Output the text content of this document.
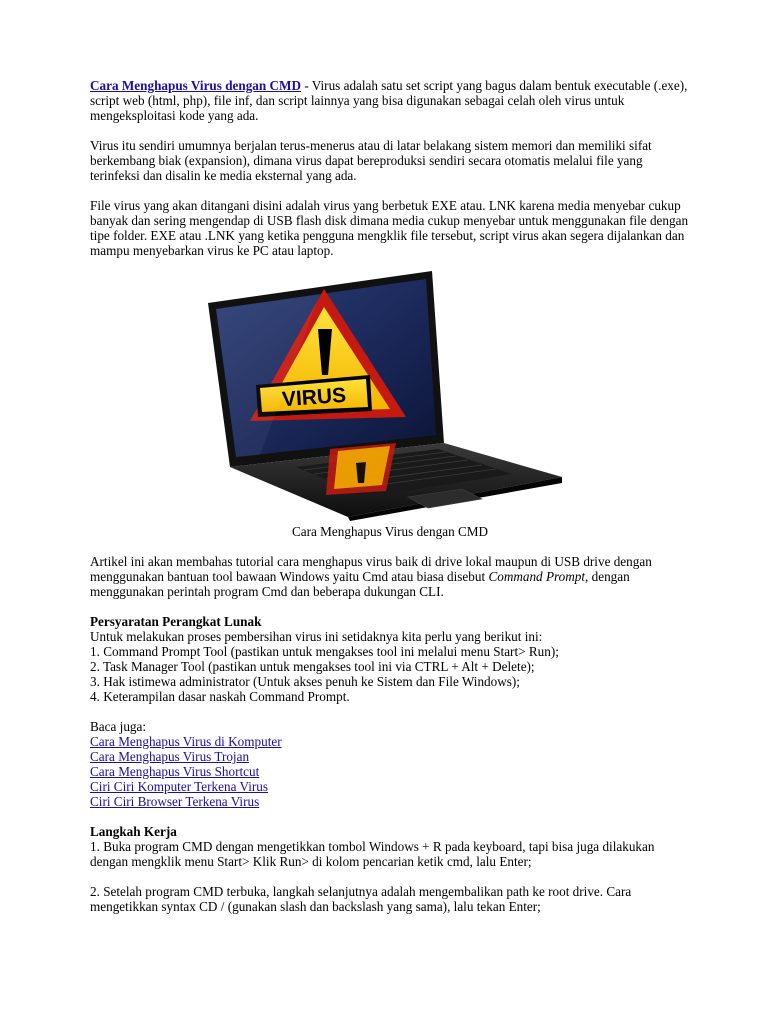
Cara Menghapus Virus dengan CMD - Virus adalah satu set script yang bagus dalam bentuk executable (.exe), script web (html, php), file inf, dan script lainnya yang bisa digunakan sebagai celah oleh virus untuk mengeksploitasi kode yang ada.

Virus itu sendiri umumnya berjalan terus-menerus atau di latar belakang sistem memori dan memiliki sifat berkembang biak (expansion), dimana virus dapat bereproduksi sendiri secara otomatis melalui file yang terinfeksi dan disalin ke media eksternal yang ada.

File virus yang akan ditangani disini adalah virus yang berbetuk EXE atau. LNK karena media menyebar cukup banyak dan sering mengendap di USB flash disk dimana media cukup menyebar untuk menggunakan file dengan tipe folder. EXE atau .LNK yang ketika pengguna mengklik file tersebut, script virus akan segera dijalankan dan mampu menyebarkan virus ke PC atau laptop.

VIRUS

Cara Menghapus Virus dengan CMD

Artikel ini akan membahas tutorial cara menghapus virus baik di drive lokal maupun di USB drive dengan menggunakan bantuan tool bawaan Windows yaitu Cmd atau biasa disebut Command Prompt, dengan menggunakan perintah program Cmd dan beberapa dukungan CLI.

Persyaratan Perangkat Lunak

Untuk melakukan proses pembersihan virus ini setidaknya kita perlu yang berikut ini:

1. Command Prompt Tool (pastikan untuk mengakses tool ini melalui menu Start> Run);

2. Task Manager Tool (pastikan untuk mengakses tool ini via CTRL + Alt + Delete);

3. Hak istimewa administrator (Untuk akses penuh ke Sistem dan File Windows);

4. Keterampilan dasar naskah Command Prompt.

Baca juga:

Cara Menghapus Virus di Komputer

Cara Menghapus Virus Trojan

Cara Menghapus Virus Shortcut

Ciri Ciri Komputer Terkena Virus

Ciri Ciri Browser Terkena Virus

Langkah Kerja

1. Buka program CMD dengan mengetikkan tombol Windows + R pada keyboard, tapi bisa juga dilakukan dengan mengklik menu Start> Klik Run> di kolom pencarian ketik cmd, lalu Enter;

2. Setelah program CMD terbuka, langkah selanjutnya adalah mengembalikan path ke root drive. Cara mengetikkan syntax CD / (gunakan slash dan backslash yang sama), lalu tekan Enter;
